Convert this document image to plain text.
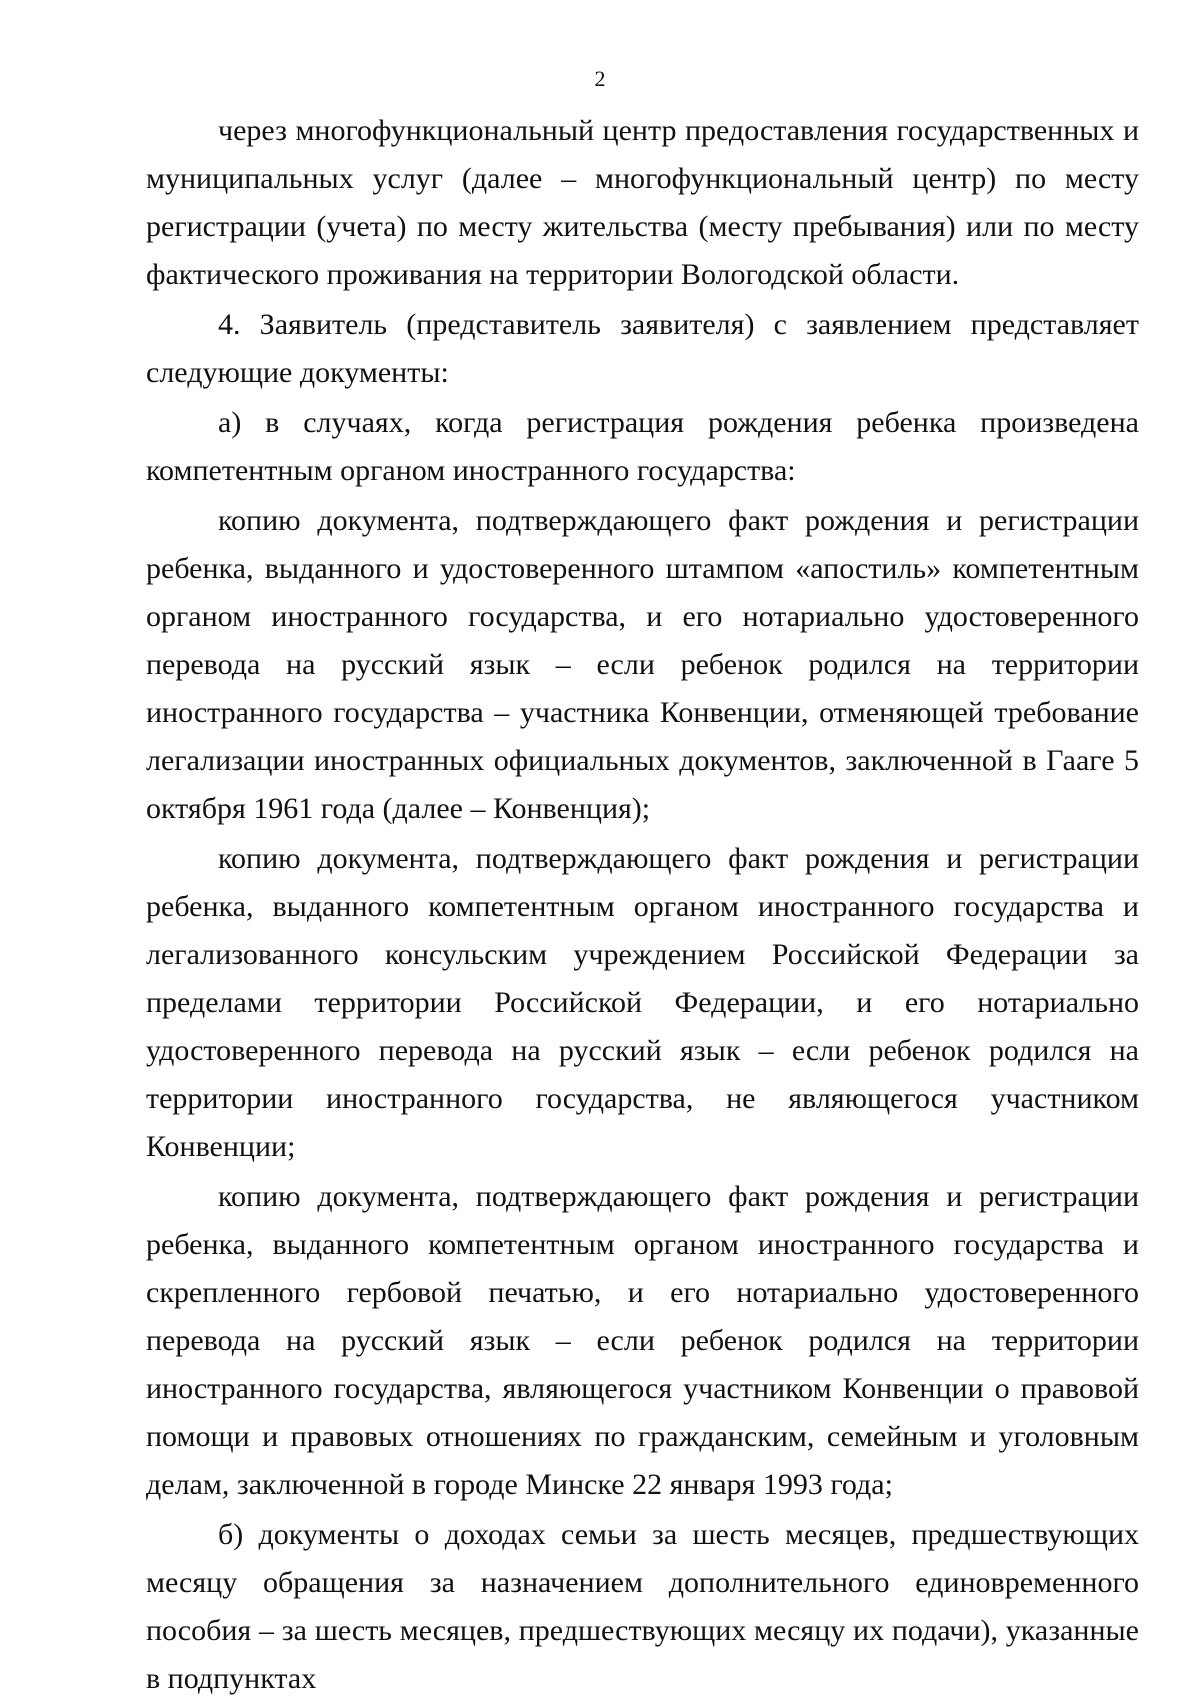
2

через многофункциональный центр предоставления государственных и муниципальных услуг (далее – многофункциональный центр) по месту регистрации (учета) по месту жительства (месту пребывания) или по месту фактического проживания на территории Вологодской области.

4. Заявитель (представитель заявителя) с заявлением представляет следующие документы:

а) в случаях, когда регистрация рождения ребенка произведена компетентным органом иностранного государства:

копию документа, подтверждающего факт рождения и регистрации ребенка, выданного и удостоверенного штампом «апостиль» компетентным органом иностранного государства, и его нотариально удостоверенного перевода на русский язык – если ребенок родился на территории иностранного государства – участника Конвенции, отменяющей требование легализации иностранных официальных документов, заключенной в Гааге 5 октября 1961 года (далее – Конвенция);

копию документа, подтверждающего факт рождения и регистрации ребенка, выданного компетентным органом иностранного государства и легализованного консульским учреждением Российской Федерации за пределами территории Российской Федерации, и его нотариально удостоверенного перевода на русский язык – если ребенок родился на территории иностранного государства, не являющегося участником Конвенции;

копию документа, подтверждающего факт рождения и регистрации ребенка, выданного компетентным органом иностранного государства и скрепленного гербовой печатью, и его нотариально удостоверенного перевода на русский язык – если ребенок родился на территории иностранного государства, являющегося участником Конвенции о правовой помощи и правовых отношениях по гражданским, семейным и уголовным делам, заключенной в городе Минске 22 января 1993 года;

б) документы о доходах семьи за шесть месяцев, предшествующих месяцу обращения за назначением дополнительного единовременного пособия – за шесть месяцев, предшествующих месяцу их подачи), указанные в подпунктах
